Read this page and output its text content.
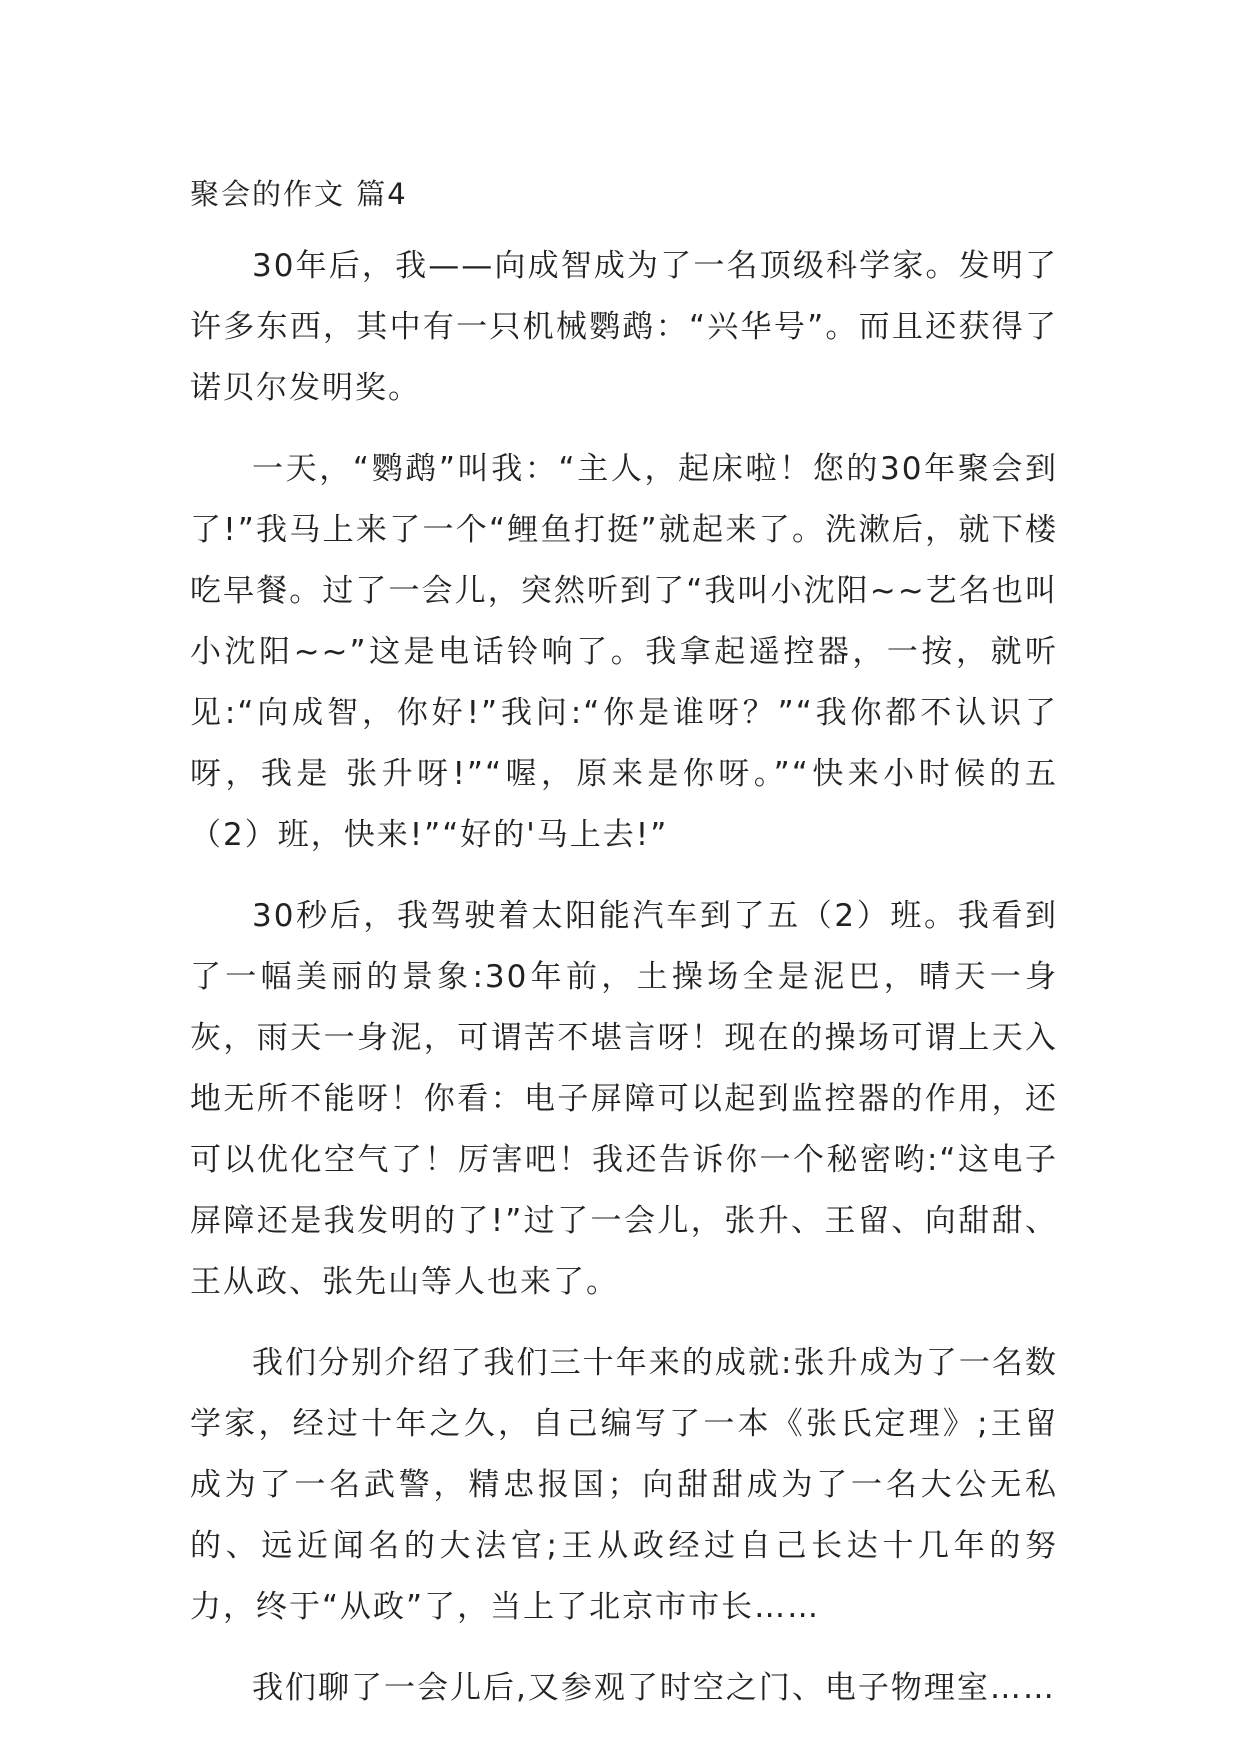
聚会的作文 篇4

30年后，我——向成智成为了一名顶级科学家。发明了许多东西，其中有一只机械鹦鹉：“兴华号”。而且还获得了诺贝尔发明奖。

一天，“鹦鹉”叫我：“主人，起床啦！您的30年聚会到了!”我马上来了一个“鲤鱼打挺”就起来了。洗漱后，就下楼吃早餐。过了一会儿，突然听到了“我叫小沈阳~~艺名也叫小沈阳~~”这是电话铃响了。我拿起遥控器，一按，就听见:“向成智，你好!”我问:“你是谁呀？”“我你都不认识了呀，我是 张升呀!”“喔，原来是你呀。”“快来小时候的五（2）班，快来!”“好的'马上去!”

30秒后，我驾驶着太阳能汽车到了五（2）班。我看到了一幅美丽的景象:30年前，土操场全是泥巴，晴天一身灰，雨天一身泥，可谓苦不堪言呀！现在的操场可谓上天入地无所不能呀！你看：电子屏障可以起到监控器的作用，还可以优化空气了！厉害吧！我还告诉你一个秘密哟:“这电子屏障还是我发明的了!”过了一会儿，张升、王留、向甜甜、王从政、张先山等人也来了。

我们分别介绍了我们三十年来的成就:张升成为了一名数学家，经过十年之久，自己编写了一本《张氏定理》;王留成为了一名武警，精忠报国；向甜甜成为了一名大公无私的、远近闻名的大法官;王从政经过自己长达十几年的努力，终于“从政”了，当上了北京市市长……

我们聊了一会儿后,又参观了时空之门、电子物理室……
